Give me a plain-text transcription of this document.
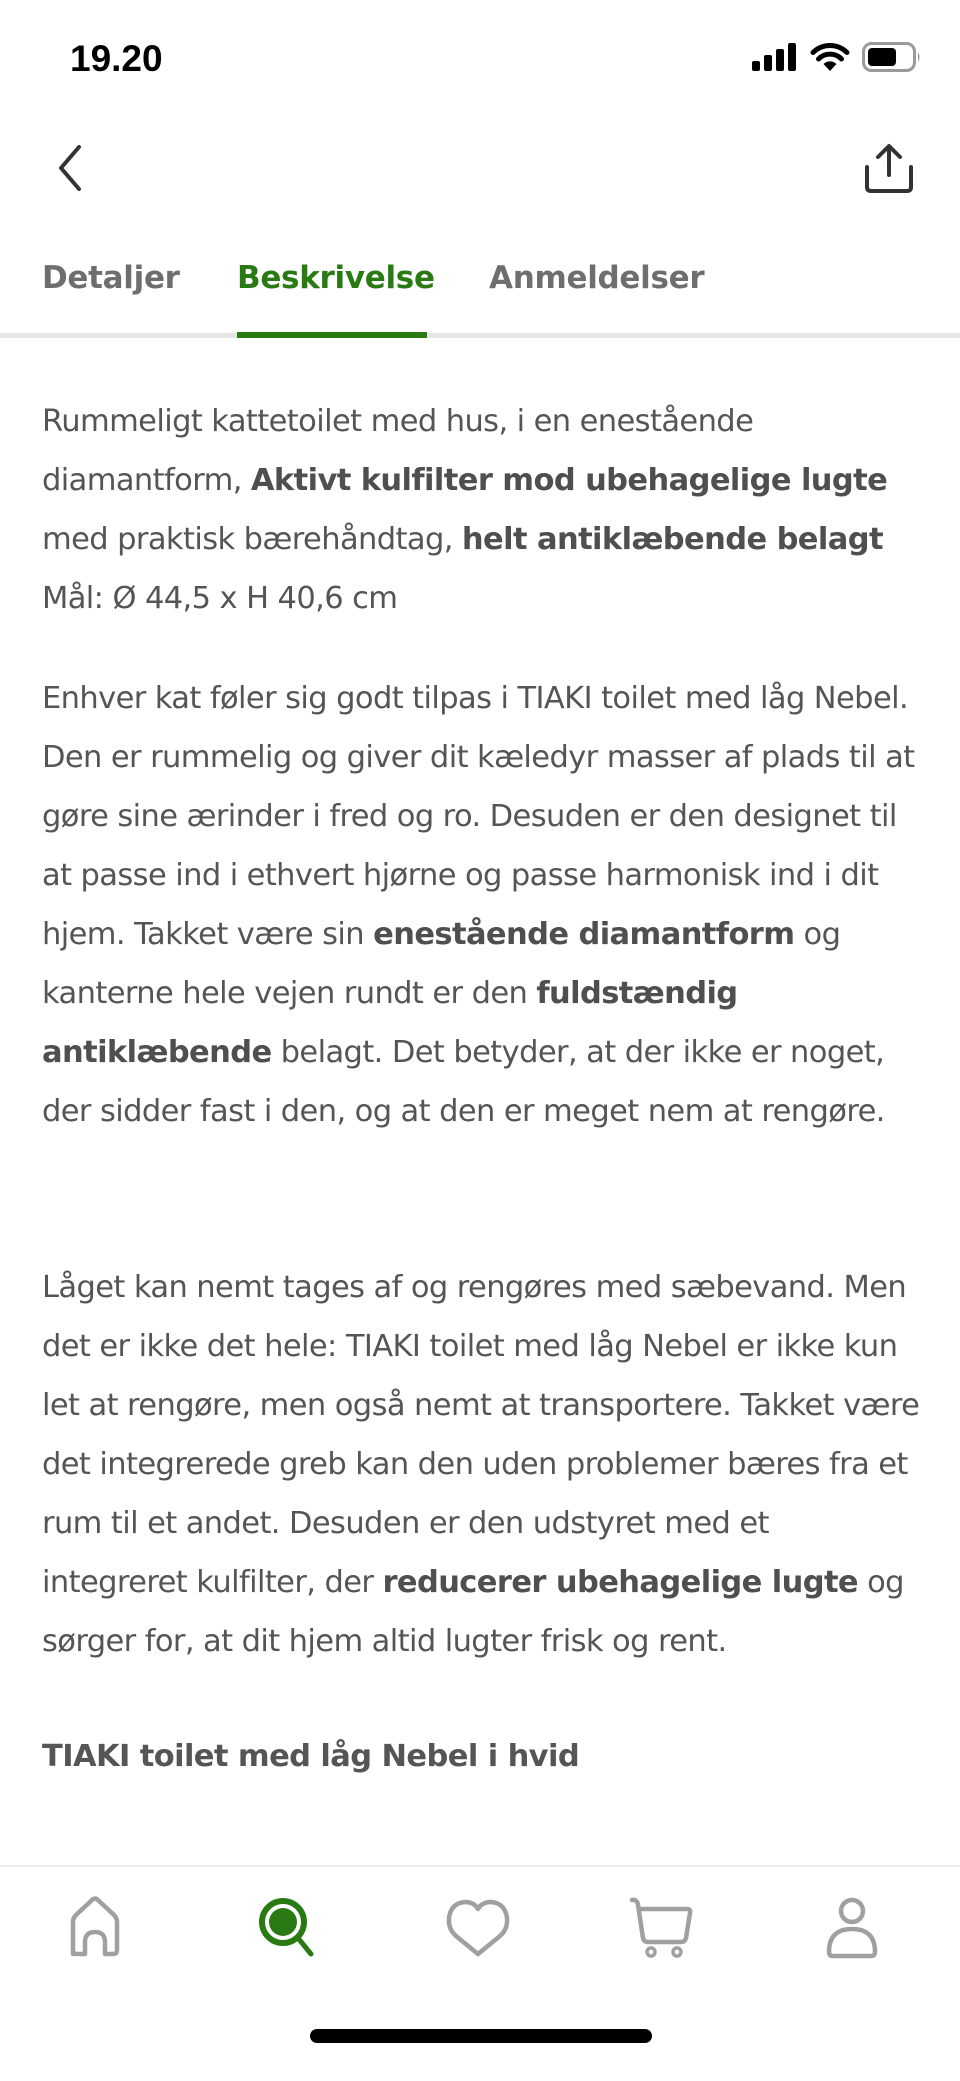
19.20
Detaljer Beskrivelse Anmeldelser

Rummeligt kattetoilet med hus, i en enestående diamantform, Aktivt kulfilter mod ubehagelige lugte med praktisk bærehåndtag, helt antiklæbende belagt Mål: Ø 44,5 x H 40,6 cm

Enhver kat føler sig godt tilpas i TIAKI toilet med låg Nebel. Den er rummelig og giver dit kæledyr masser af plads til at gøre sine ærinder i fred og ro. Desuden er den designet til at passe ind i ethvert hjørne og passe harmonisk ind i dit hjem. Takket være sin enestående diamantform og kanterne hele vejen rundt er den fuldstændig antiklæbende belagt. Det betyder, at der ikke er noget, der sidder fast i den, og at den er meget nem at rengøre.

Låget kan nemt tages af og rengøres med sæbevand. Men det er ikke det hele: TIAKI toilet med låg Nebel er ikke kun let at rengøre, men også nemt at transportere. Takket være det integrerede greb kan den uden problemer bæres fra et rum til et andet. Desuden er den udstyret med et integreret kulfilter, der reducerer ubehagelige lugte og sørger for, at dit hjem altid lugter frisk og rent.

TIAKI toilet med låg Nebel i hvid
